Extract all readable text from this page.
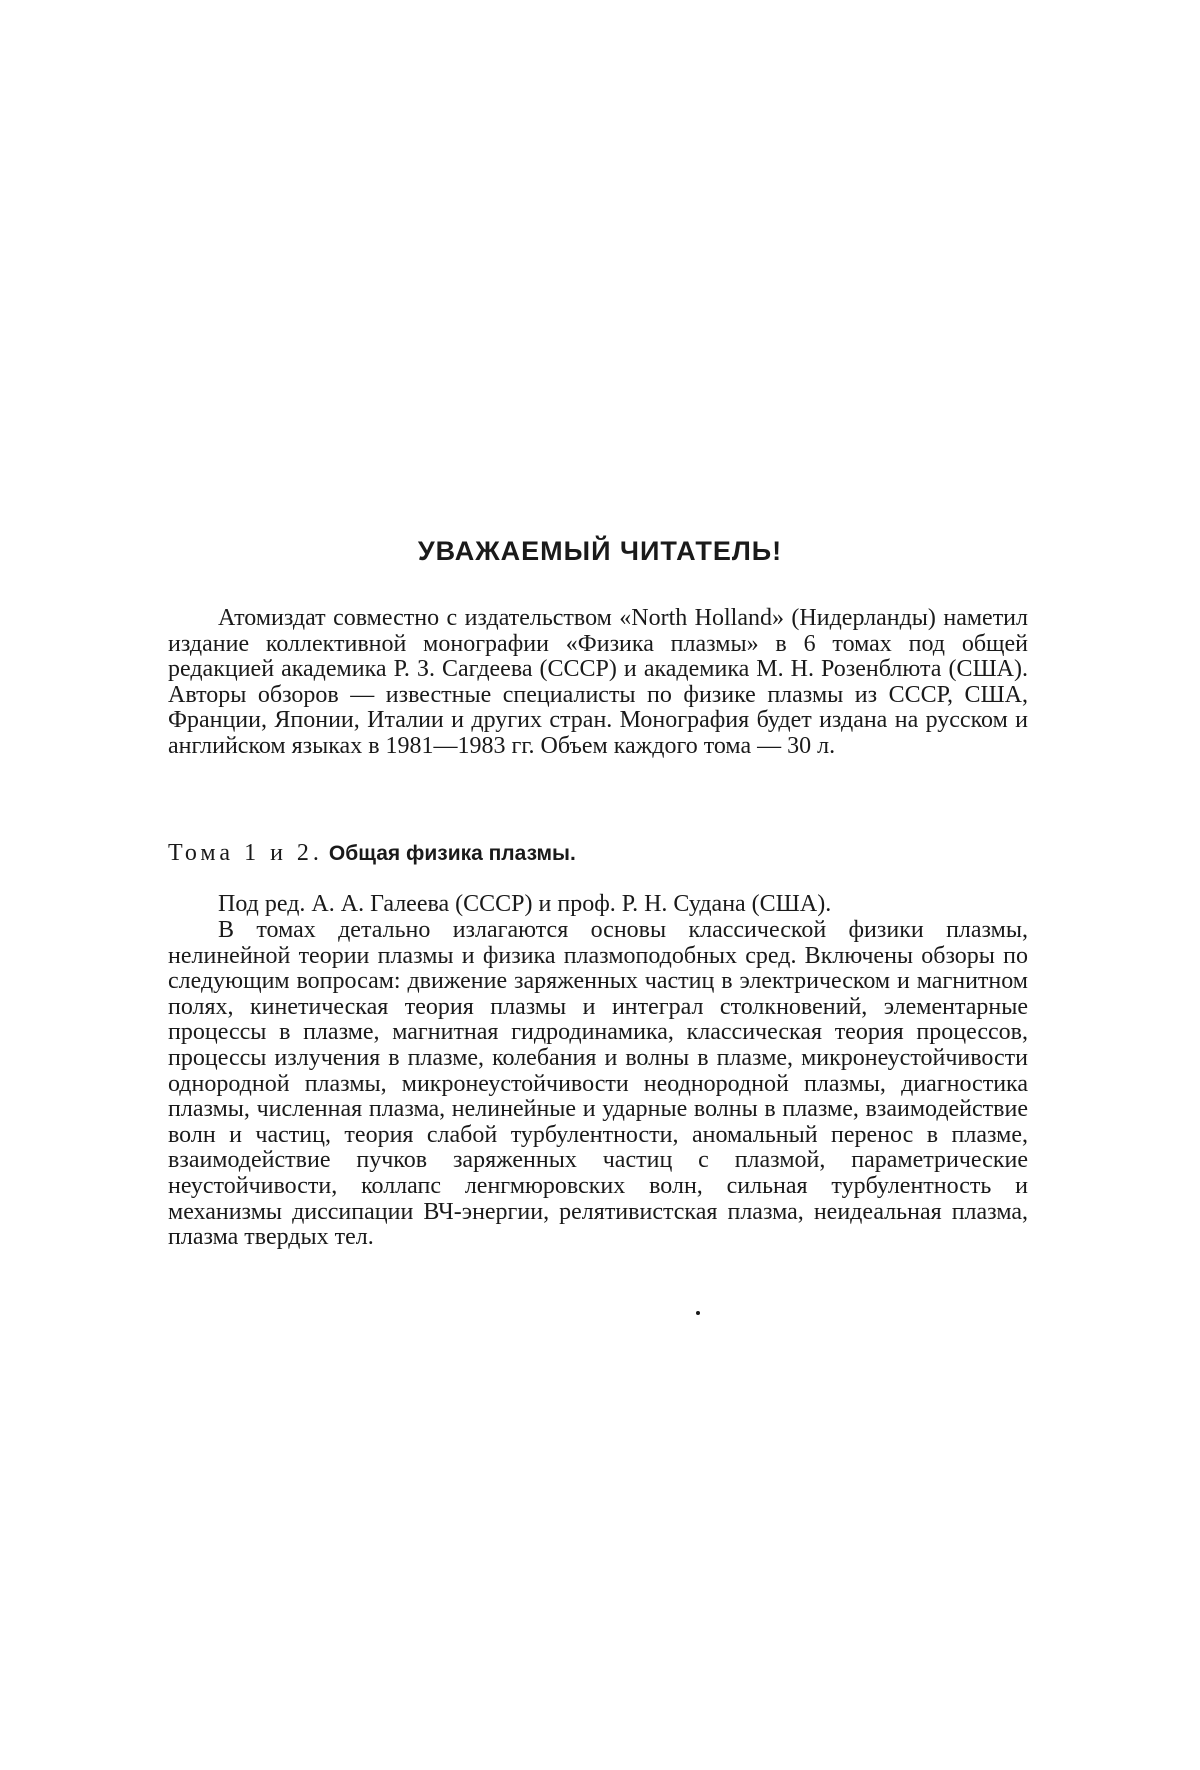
УВАЖАЕМЫЙ ЧИТАТЕЛЬ!

Атомиздат совместно с издательством «North Holland» (Нидерланды) наметил издание коллективной монографии «Физика плазмы» в 6 томах под общей редакцией академика Р. З. Сагдеева (СССР) и академика М. Н. Розенблюта (США). Авторы обзоров — известные специалисты по физике плазмы из СССР, США, Франции, Японии, Италии и других стран. Монография будет издана на русском и английском языках в 1981—1983 гг. Объем каждого тома — 30 л.

Тома 1 и 2. Общая физика плазмы.

Под ред. А. А. Галеева (СССР) и проф. Р. Н. Судана (США).

В томах детально излагаются основы классической физики плазмы, нелинейной теории плазмы и физика плазмоподобных сред. Включены обзоры по следующим вопросам: движение заряженных частиц в электрическом и магнитном полях, кинетическая теория плазмы и интеграл столкновений, элементарные процессы в плазме, магнитная гидродинамика, классическая теория процессов, процессы излучения в плазме, колебания и волны в плазме, микронеустойчивости однородной плазмы, микронеустойчивости неоднородной плазмы, диагностика плазмы, численная плазма, нелинейные и ударные волны в плазме, взаимодействие волн и частиц, теория слабой турбулентности, аномальный перенос в плазме, взаимодействие пучков заряженных частиц с плазмой, параметрические неустойчивости, коллапс ленгмюровских волн, сильная турбулентность и механизмы диссипации ВЧ-энергии, релятивистская плазма, неидеальная плазма, плазма твердых тел.
